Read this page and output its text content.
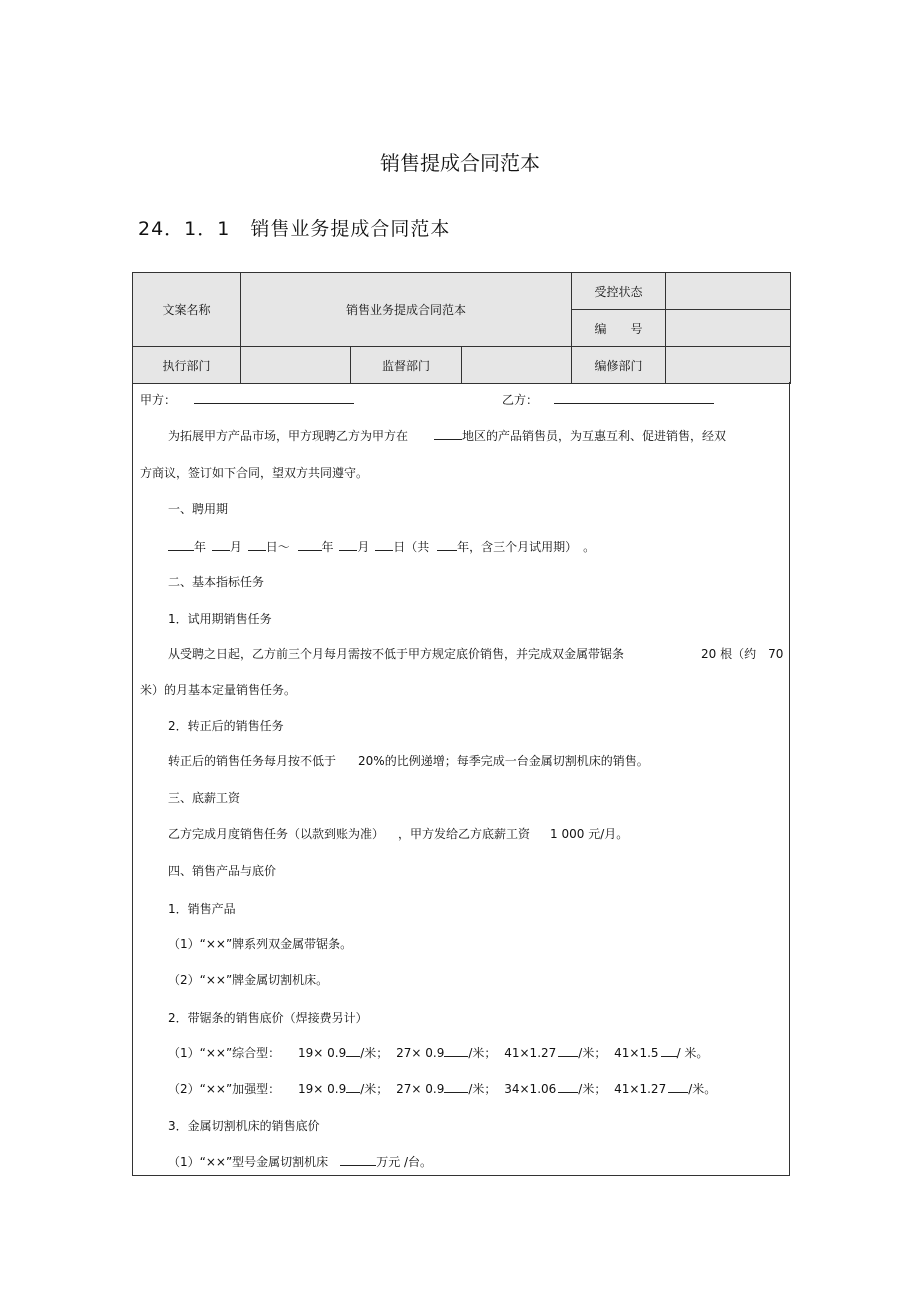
销售提成合同范本
24．1．1　销售业务提成合同范本
文案名称	销售业务提成合同范本			受控状态	
				编　　号	
执行部门		监督部门		编修部门	
甲方：	乙方：
为拓展甲方产品市场，甲方现聘乙方为甲方在	地区的产品销售员，为互惠互利、促进销售，经双
方商议，签订如下合同，望双方共同遵守。
一、聘用期
年 月 日～	年 月 日（共 年，含三个月试用期）　。
二、基本指标任务
1．试用期销售任务
从受聘之日起，乙方前三个月每月需按不低于甲方规定底价销售，并完成双金属带锯条	20 根（约　70
米）的月基本定量销售任务。
2．转正后的销售任务
转正后的销售任务每月按不低于 20%的比例递增；每季完成一台金属切割机床的销售。
三、底薪工资
乙方完成月度销售任务（以款到账为准） ，甲方发给乙方底薪工资 1 000 元/月。
四、销售产品与底价
1．销售产品
（1）“××”牌系列双金属带锯条。
（2）“××”牌金属切割机床。
2．带锯条的销售底价（焊接费另计）
（1）“××”综合型： 19× 0.9 /米； 27× 0.9 /米； 41×1.27 /米； 41×1.5 / 米。
（2）“××”加强型： 19× 0.9 /米； 27× 0.9 /米； 34×1.06 /米； 41×1.27 /米。
3．金属切割机床的销售底价
（1）“××”型号金属切割机床	万元 /台。
